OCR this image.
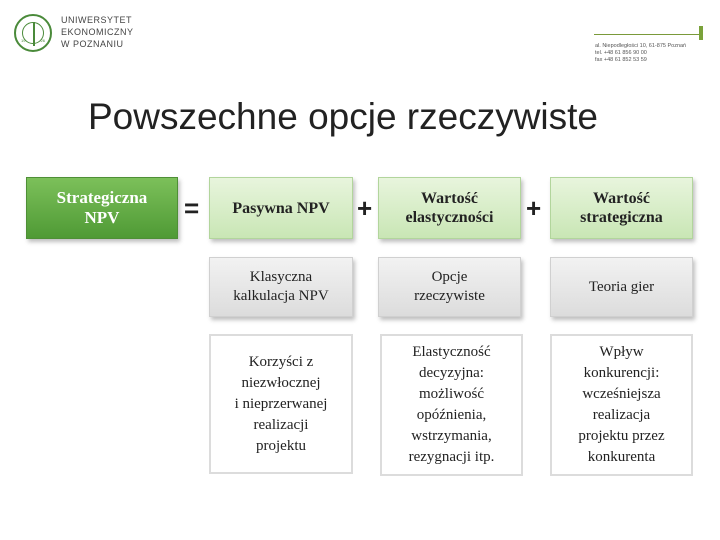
19	26
UNIWERSYTET
EKONOMICZNY
W POZNANIU	al. Niepodległości 10, 61-875 Poznań
tel. +48 61 856 90 00
fax +48 61 852 53 59
Powszechne opcje rzeczywiste
Strategiczna
NPV	= Pasywna NPV +	Wartość
elastyczności +	Wartość
strategiczna
Klasyczna
kalkulacja NPV
Opcje
rzeczywiste
Teoria gier
Korzyści z
niezwłocznej
i nieprzerwanej
realizacji
projektu
Elastyczność
decyzyjna:
możliwość
opóźnienia,
wstrzymania,
rezygnacji itp.
Wpływ
konkurencji:
wcześniejsza
realizacja
projektu przez
konkurenta
